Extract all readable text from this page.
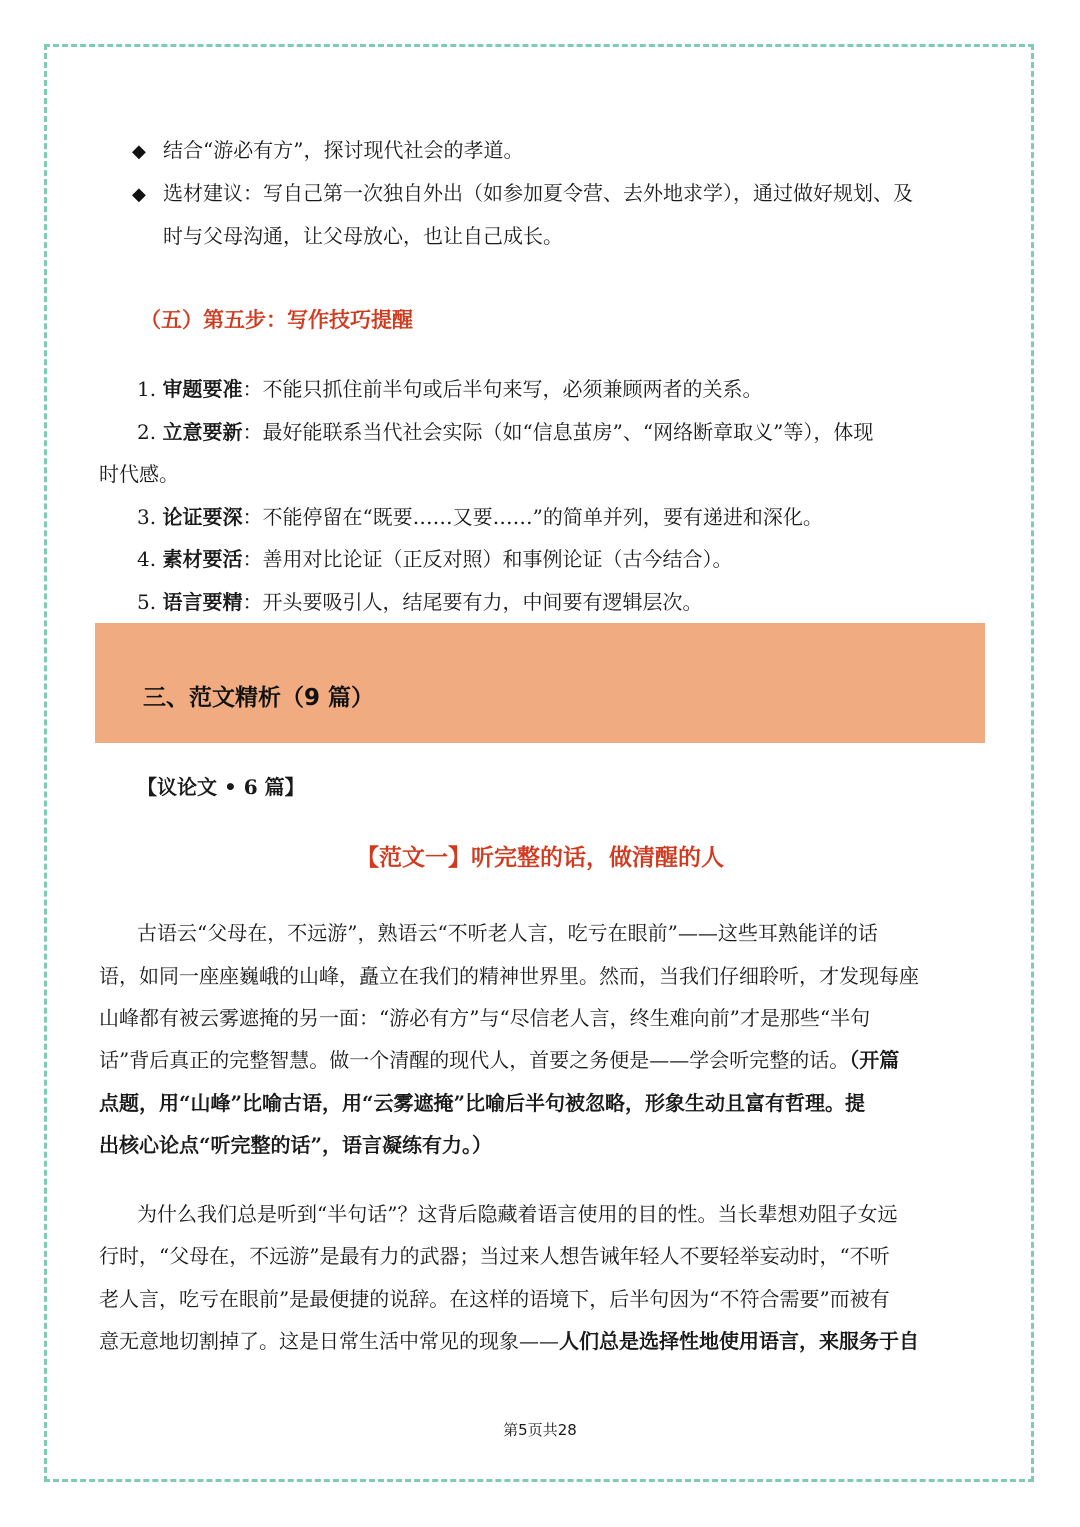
◆ 结合“游必有方”，探讨现代社会的孝道。
◆ 选材建议：写自己第一次独自外出（如参加夏令营、去外地求学），通过做好规划、及
时与父母沟通，让父母放心，也让自己成长。
（五）第五步：写作技巧提醒
1. 审题要准：不能只抓住前半句或后半句来写，必须兼顾两者的关系。
2. 立意要新：最好能联系当代社会实际（如“信息茧房”、“网络断章取义”等），体现
时代感。
3. 论证要深：不能停留在“既要……又要……”的简单并列，要有递进和深化。
4. 素材要活：善用对比论证（正反对照）和事例论证（古今结合）。
5. 语言要精：开头要吸引人，结尾要有力，中间要有逻辑层次。
三、范文精析（9 篇）
【议论文 • 6 篇】
【范文一】听完整的话，做清醒的人
古语云“父母在，不远游”，熟语云“不听老人言，吃亏在眼前”——这些耳熟能详的话
语，如同一座座巍峨的山峰，矗立在我们的精神世界里。然而，当我们仔细聆听，才发现每座
山峰都有被云雾遮掩的另一面：“游必有方”与“尽信老人言，终生难向前”才是那些“半句
话”背后真正的完整智慧。做一个清醒的现代人，首要之务便是——学会听完整的话。（开篇
点题，用“山峰”比喻古语，用“云雾遮掩”比喻后半句被忽略，形象生动且富有哲理。提
出核心论点“听完整的话”，语言凝练有力。）
为什么我们总是听到“半句话”？这背后隐藏着语言使用的目的性。当长辈想劝阻子女远
行时，“父母在，不远游”是最有力的武器；当过来人想告诫年轻人不要轻举妄动时，“不听
老人言，吃亏在眼前”是最便捷的说辞。在这样的语境下，后半句因为“不符合需要”而被有
意无意地切割掉了。这是日常生活中常见的现象——人们总是选择性地使用语言，来服务于自
第5页共28
